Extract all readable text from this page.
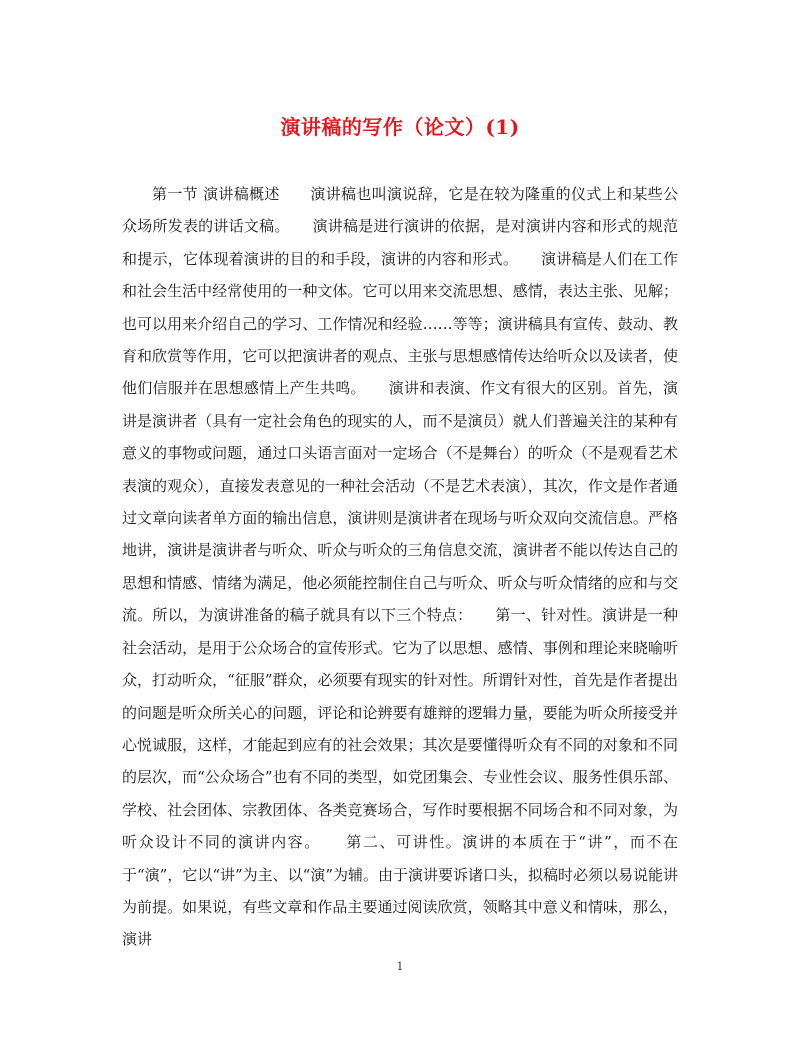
演讲稿的写作（论文）(1)

第一节 演讲稿概述　　演讲稿也叫演说辞，它是在较为隆重的仪式上和某些公众场所发表的讲话文稿。　　演讲稿是进行演讲的依据，是对演讲内容和形式的规范和提示，它体现着演讲的目的和手段，演讲的内容和形式。　　演讲稿是人们在工作和社会生活中经常使用的一种文体。它可以用来交流思想、感情，表达主张、见解；也可以用来介绍自己的学习、工作情况和经验……等等；演讲稿具有宣传、鼓动、教育和欣赏等作用，它可以把演讲者的观点、主张与思想感情传达给听众以及读者，使他们信服并在思想感情上产生共鸣。　　演讲和表演、作文有很大的区别。首先，演讲是演讲者（具有一定社会角色的现实的人，而不是演员）就人们普遍关注的某种有意义的事物或问题，通过口头语言面对一定场合（不是舞台）的听众（不是观看艺术表演的观众），直接发表意见的一种社会活动（不是艺术表演），其次，作文是作者通过文章向读者单方面的输出信息，演讲则是演讲者在现场与听众双向交流信息。严格地讲，演讲是演讲者与听众、听众与听众的三角信息交流，演讲者不能以传达自己的思想和情感、情绪为满足，他必须能控制住自己与听众、听众与听众情绪的应和与交流。所以，为演讲准备的稿子就具有以下三个特点：　　第一、针对性。演讲是一种社会活动，是用于公众场合的宣传形式。它为了以思想、感情、事例和理论来晓喻听众，打动听众，“征服”群众，必须要有现实的针对性。所谓针对性，首先是作者提出的问题是听众所关心的问题，评论和论辨要有雄辩的逻辑力量，要能为听众所接受并心悦诚服，这样，才能起到应有的社会效果；其次是要懂得听众有不同的对象和不同的层次，而“公众场合”也有不同的类型，如党团集会、专业性会议、服务性俱乐部、学校、社会团体、宗教团体、各类竞赛场合，写作时要根据不同场合和不同对象，为听众设计不同的演讲内容。　　第二、可讲性。演讲的本质在于“讲”，而不在于“演”，它以“讲”为主、以“演”为辅。由于演讲要诉诸口头，拟稿时必须以易说能讲为前提。如果说，有些文章和作品主要通过阅读欣赏，领略其中意义和情味，那么，演讲

1
